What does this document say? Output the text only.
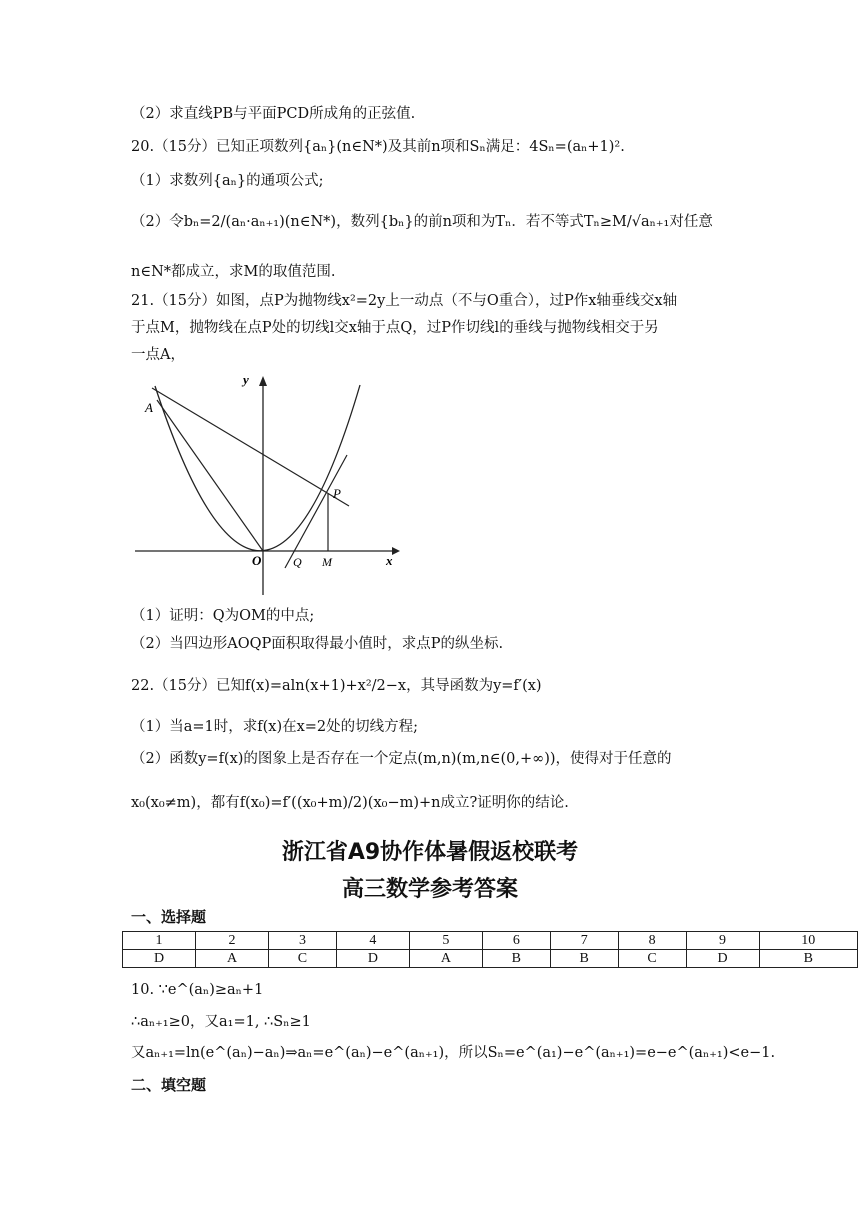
（2）求直线PB与平面PCD所成角的正弦值.
20.（15分）已知正项数列{aₙ}(n∈N*)及其前n项和Sₙ满足：4Sₙ=(aₙ+1)².
（1）求数列{aₙ}的通项公式;
（2）令bₙ=2/(aₙ·aₙ₊₁)(n∈N*)，数列{bₙ}的前n项和为Tₙ．若不等式Tₙ≥M/√aₙ₊₁对任意
n∈N*都成立，求M的取值范围.
21.（15分）如图，点P为抛物线x²=2y上一动点（不与O重合），过P作x轴垂线交x轴
于点M，抛物线在点P处的切线l交x轴于点Q，过P作切线l的垂线与抛物线相交于另
一点A，
y
x
A
P
O	Q M
（1）证明：Q为OM的中点;
（2）当四边形AOQP面积取得最小值时，求点P的纵坐标.
22.（15分）已知f(x)=aln(x+1)+x²/2−x，其导函数为y=f′(x)
（1）当a=1时，求f(x)在x=2处的切线方程;
（2）函数y=f(x)的图象上是否存在一个定点(m,n)(m,n∈(0,+∞))，使得对于任意的
x₀(x₀≠m)，都有f(x₀)=f′((x₀+m)/2)(x₀−m)+n成立?证明你的结论.
浙江省A9协作体暑假返校联考
高三数学参考答案
一、选择题
1	2	3	4	5	6	7	8	9	10
D	A	C	D	A	B	B	C	D	B
10. ∵e^(aₙ)≥aₙ+1
∴aₙ₊₁≥0，又a₁=1, ∴Sₙ≥1
又aₙ₊₁=ln(e^(aₙ)−aₙ)⇒aₙ=e^(aₙ)−e^(aₙ₊₁)，所以Sₙ=e^(a₁)−e^(aₙ₊₁)=e−e^(aₙ₊₁)<e−1.
二、填空题
